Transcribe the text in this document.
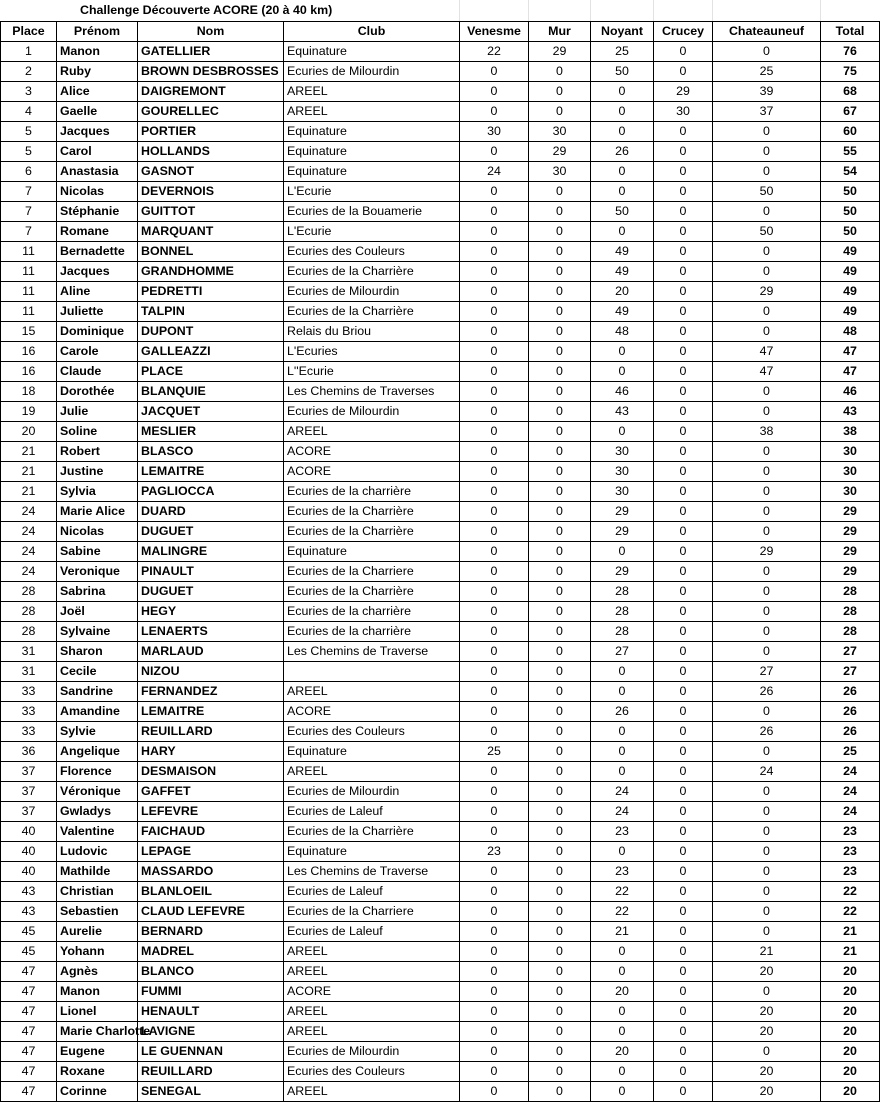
Challenge Découverte ACORE (20 à 40 km)
Place	Prénom	Nom	Club	Venesme	Mur	Noyant	Crucey	Chateauneuf	Total
1	Manon	GATELLIER	Equinature	22	29	25	0	0	76
2	Ruby	BROWN DESBROSSES	Ecuries de Milourdin	0	0	50	0	25	75
3	Alice	DAIGREMONT	AREEL	0	0	0	29	39	68
4	Gaelle	GOURELLEC	AREEL	0	0	0	30	37	67
5	Jacques	PORTIER	Equinature	30	30	0	0	0	60
5	Carol	HOLLANDS	Equinature	0	29	26	0	0	55
6	Anastasia	GASNOT	Equinature	24	30	0	0	0	54
7	Nicolas	DEVERNOIS	L'Ecurie	0	0	0	0	50	50
7	Stéphanie	GUITTOT	Ecuries de la Bouamerie	0	0	50	0	0	50
7	Romane	MARQUANT	L'Ecurie	0	0	0	0	50	50
11	Bernadette	BONNEL	Ecuries des Couleurs	0	0	49	0	0	49
11	Jacques	GRANDHOMME	Ecuries de la Charrière	0	0	49	0	0	49
11	Aline	PEDRETTI	Ecuries de Milourdin	0	0	20	0	29	49
11	Juliette	TALPIN	Ecuries de la Charrière	0	0	49	0	0	49
15	Dominique	DUPONT	Relais du Briou	0	0	48	0	0	48
16	Carole	GALLEAZZI	L'Ecuries	0	0	0	0	47	47
16	Claude	PLACE	L''Ecurie	0	0	0	0	47	47
18	Dorothée	BLANQUIE	Les Chemins de Traverses	0	0	46	0	0	46
19	Julie	JACQUET	Ecuries de Milourdin	0	0	43	0	0	43
20	Soline	MESLIER	AREEL	0	0	0	0	38	38
21	Robert	BLASCO	ACORE	0	0	30	0	0	30
21	Justine	LEMAITRE	ACORE	0	0	30	0	0	30
21	Sylvia	PAGLIOCCA	Ecuries de la charrière	0	0	30	0	0	30
24	Marie Alice	DUARD	Ecuries de la Charrière	0	0	29	0	0	29
24	Nicolas	DUGUET	Ecuries de la Charrière	0	0	29	0	0	29
24	Sabine	MALINGRE	Equinature	0	0	0	0	29	29
24	Veronique	PINAULT	Ecuries de la Charriere	0	0	29	0	0	29
28	Sabrina	DUGUET	Ecuries de la Charrière	0	0	28	0	0	28
28	Joël	HEGY	Ecuries de la charrière	0	0	28	0	0	28
28	Sylvaine	LENAERTS	Ecuries de la charrière	0	0	28	0	0	28
31	Sharon	MARLAUD	Les Chemins de Traverse	0	0	27	0	0	27
31	Cecile	NIZOU		0	0	0	0	27	27
33	Sandrine	FERNANDEZ	AREEL	0	0	0	0	26	26
33	Amandine	LEMAITRE	ACORE	0	0	26	0	0	26
33	Sylvie	REUILLARD	Ecuries des Couleurs	0	0	0	0	26	26
36	Angelique	HARY	Equinature	25	0	0	0	0	25
37	Florence	DESMAISON	AREEL	0	0	0	0	24	24
37	Véronique	GAFFET	Ecuries de Milourdin	0	0	24	0	0	24
37	Gwladys	LEFEVRE	Ecuries de Laleuf	0	0	24	0	0	24
40	Valentine	FAICHAUD	Ecuries de la Charrière	0	0	23	0	0	23
40	Ludovic	LEPAGE	Equinature	23	0	0	0	0	23
40	Mathilde	MASSARDO	Les Chemins de Traverse	0	0	23	0	0	23
43	Christian	BLANLOEIL	Ecuries de Laleuf	0	0	22	0	0	22
43	Sebastien	CLAUD LEFEVRE	Ecuries de la Charriere	0	0	22	0	0	22
45	Aurelie	BERNARD	Ecuries de Laleuf	0	0	21	0	0	21
45	Yohann	MADREL	AREEL	0	0	0	0	21	21
47	Agnès	BLANCO	AREEL	0	0	0	0	20	20
47	Manon	FUMMI	ACORE	0	0	20	0	0	20
47	Lionel	HENAULT	AREEL	0	0	0	0	20	20
47	Marie Charlotte	LAVIGNE	AREEL	0	0	0	0	20	20
47	Eugene	LE GUENNAN	Ecuries de Milourdin	0	0	20	0	0	20
47	Roxane	REUILLARD	Ecuries des Couleurs	0	0	0	0	20	20
47	Corinne	SENEGAL	AREEL	0	0	0	0	20	20
